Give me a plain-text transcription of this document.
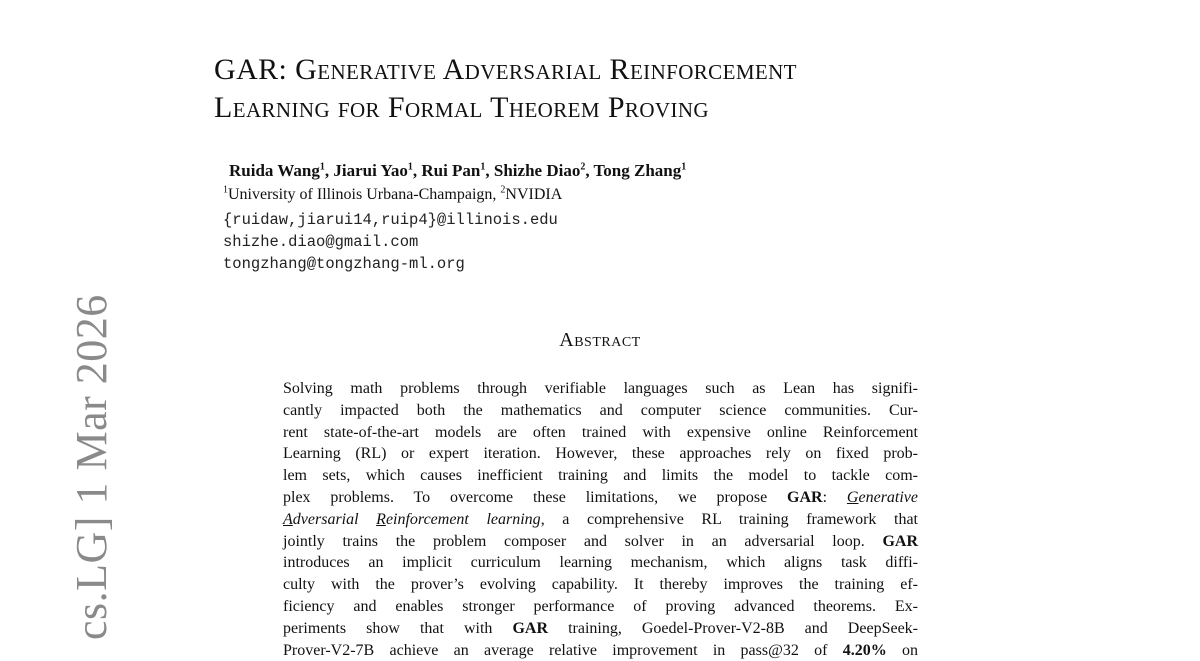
cs.LG] 1 Mar 2026
GAR: Generative Adversarial Reinforcement
Learning for Formal Theorem Proving
Ruida Wang$^1$, Jiarui Yao$^1$, Rui Pan$^1$, Shizhe Diao$^2$, Tong Zhang$^1$
$^1$University of Illinois Urbana-Champaign, $^2$NVIDIA
{ruidaw,jiarui14,ruip4}@illinois.edu
shizhe.diao@gmail.com
tongzhang@tongzhang-ml.org
Abstract
Solving math problems through verifiable languages such as Lean has signifi-
cantly impacted both the mathematics and computer science communities. Cur-
rent state-of-the-art models are often trained with expensive online Reinforcement
Learning (RL) or expert iteration. However, these approaches rely on fixed prob-
lem sets, which causes inefficient training and limits the model to tackle com-
plex problems. To overcome these limitations, we propose GAR: Generative
Adversarial Reinforcement learning, a comprehensive RL training framework that
jointly trains the problem composer and solver in an adversarial loop. GAR
introduces an implicit curriculum learning mechanism, which aligns task diffi-
culty with the prover’s evolving capability. It thereby improves the training ef-
ficiency and enables stronger performance of proving advanced theorems. Ex-
periments show that with GAR training, Goedel-Prover-V2-8B and DeepSeek-
Prover-V2-7B achieve an average relative improvement in pass@32 of 4.20% on
